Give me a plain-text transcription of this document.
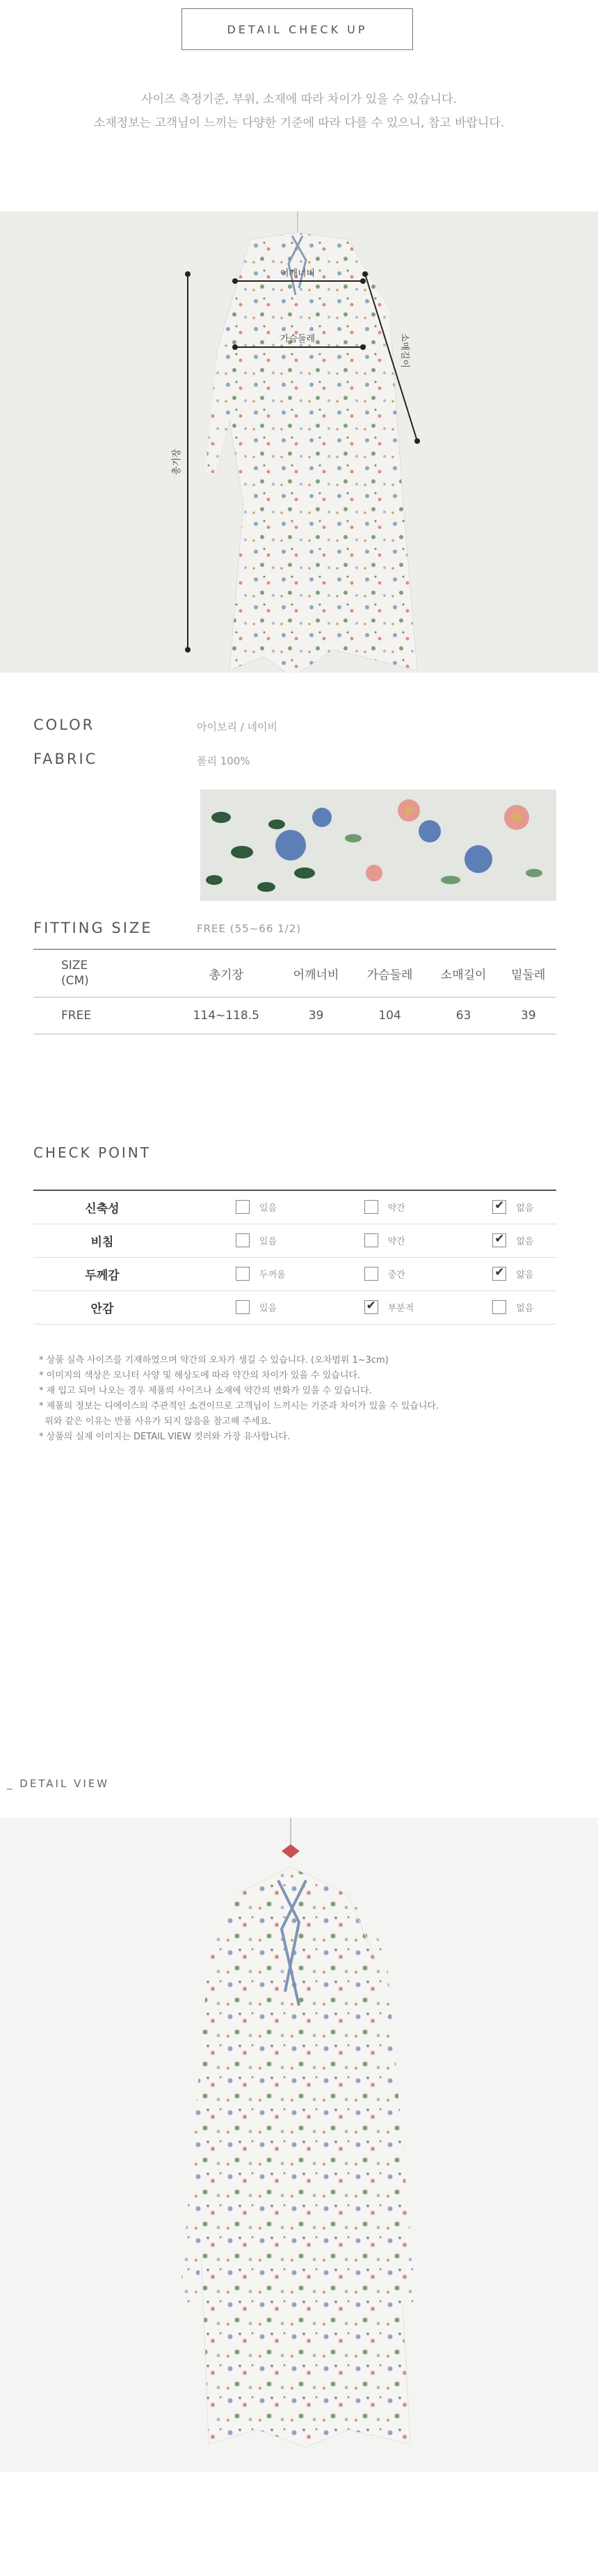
DETAIL CHECK UP
사이즈 측정기준, 부위, 소재에 따라 차이가 있을 수 있습니다.
소재정보는 고객님이 느끼는 다양한 기준에 따라 다를 수 있으니, 참고 바랍니다.
어깨너비
가슴둘레
총기장
소매길이
COLOR	아이보리 / 네이비
FABRIC	폴리 100%
FITTING SIZE	FREE (55~66 1/2)
SIZE
(CM)	총기장	어깨너비	가슴둘레	소매길이	밑둘레
FREE	114~118.5	39	104	63	39
CHECK POINT
신축성	있음	약간	✔없음
비침	있음	약간	✔없음
두께감	두꺼움	중간	✔얇음
안감	있음	✔부분적	없음
* 상품 실측 사이즈를 기재하였으며 약간의 오차가 생길 수 있습니다. (오차범위 1~3cm)
* 이미지의 색상은 모니터 사양 및 해상도에 따라 약간의 차이가 있을 수 있습니다.
* 재 입고 되어 나오는 경우 제품의 사이즈나 소재에 약간의 변화가 있을 수 있습니다.
* 제품의 정보는 디에이스의 주관적인 소견이므로 고객님이 느끼시는 기준과 차이가 있을 수 있습니다.
위와 같은 이유는 반품 사유가 되지 않음을 참고해 주세요.
* 상품의 실제 이미지는 DETAIL VIEW 컷러와 가장 유사합니다.
_ DETAIL VIEW
